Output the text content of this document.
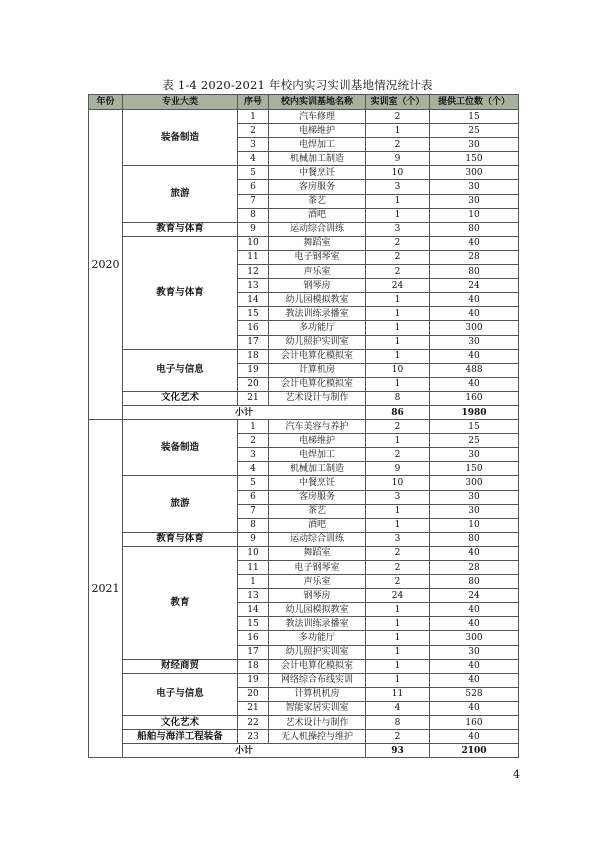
表 1-4 2020-2021 年校内实习实训基地情况统计表
年份	专业大类	序号	校内实训基地名称	实训室（个）	提供工位数（个）
2020	装备制造	1	汽车修理	2	15
		2	电梯维护	1	25
		3	电焊加工	2	30
		4	机械加工制造	9	150
	旅游	5	中餐烹饪	10	300
		6	客房服务	3	30
		7	茶艺	1	30
		8	酒吧	1	10
	教育与体育	9	运动综合训练	3	80
	教育与体育	10	舞蹈室	2	40
		11	电子钢琴室	2	28
		12	声乐室	2	80
		13	钢琴房	24	24
		14	幼儿园模拟教室	1	40
		15	教法训练录播室	1	40
		16	多功能厅	1	300
		17	幼儿照护实训室	1	30
	电子与信息	18	会计电算化模拟室	1	40
		19	计算机房	10	488
		20	会计电算化模拟室	1	40
	文化艺术	21	艺术设计与制作	8	160
	小计			86	1980
2021	装备制造	1	汽车美容与养护	2	15
		2	电梯维护	1	25
		3	电焊加工	2	30
		4	机械加工制造	9	150
	旅游	5	中餐烹饪	10	300
		6	客房服务	3	30
		7	茶艺	1	30
		8	酒吧	1	10
	教育与体育	9	运动综合训练	3	80
	教育	10	舞蹈室	2	40
		11	电子钢琴室	2	28
		1	声乐室	2	80
		13	钢琴房	24	24
		14	幼儿园模拟教室	1	40
		15	教法训练录播室	1	40
		16	多功能厅	1	300
		17	幼儿照护实训室	1	30
	财经商贸	18	会计电算化模拟室	1	40
	电子与信息	19	网络综合布线实训	1	40
		20	计算机机房	11	528
		21	智能家居实训室	4	40
	文化艺术	22	艺术设计与制作	8	160
	船舶与海洋工程装备	23	无人机操控与维护	2	40
	小计			93	2100
4
